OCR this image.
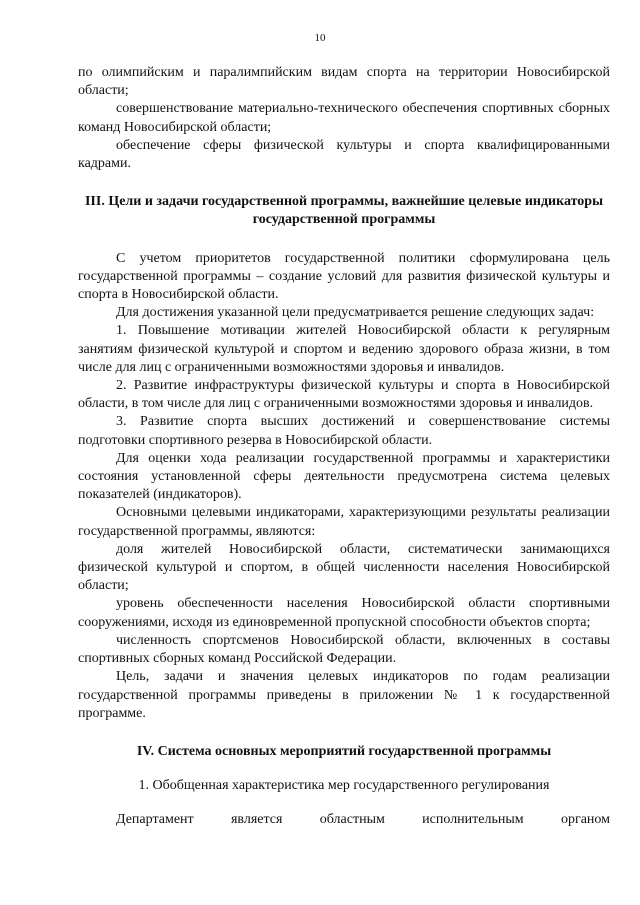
10

по олимпийским и паралимпийским видам спорта на территории Новосибирской области;

совершенствование материально-технического обеспечения спортивных сборных команд Новосибирской области;

обеспечение сферы физической культуры и спорта квалифицированными кадрами.

III. Цели и задачи государственной программы, важнейшие целевые индикаторы государственной программы

С учетом приоритетов государственной политики сформулирована цель государственной программы – создание условий для развития физической культуры и спорта в Новосибирской области.

Для достижения указанной цели предусматривается решение следующих задач:

1. Повышение мотивации жителей Новосибирской области к регулярным занятиям физической культурой и спортом и ведению здорового образа жизни, в том числе для лиц с ограниченными возможностями здоровья и инвалидов.

2. Развитие инфраструктуры физической культуры и спорта в Новосибирской области, в том числе для лиц с ограниченными возможностями здоровья и инвалидов.

3. Развитие спорта высших достижений и совершенствование системы подготовки спортивного резерва в Новосибирской области.

Для оценки хода реализации государственной программы и характеристики состояния установленной сферы деятельности предусмотрена система целевых показателей (индикаторов).

Основными целевыми индикаторами, характеризующими результаты реализации государственной программы, являются:

доля жителей Новосибирской области, систематически занимающихся физической культурой и спортом, в общей численности населения Новосибирской области;

уровень обеспеченности населения Новосибирской области спортивными сооружениями, исходя из единовременной пропускной способности объектов спорта;

численность спортсменов Новосибирской области, включенных в составы спортивных сборных команд Российской Федерации.

Цель, задачи и значения целевых индикаторов по годам реализации государственной программы приведены в приложении № 1 к государственной программе.

IV. Система основных мероприятий государственной программы

1. Обобщенная характеристика мер государственного регулирования

Департамент является областным исполнительным органом
